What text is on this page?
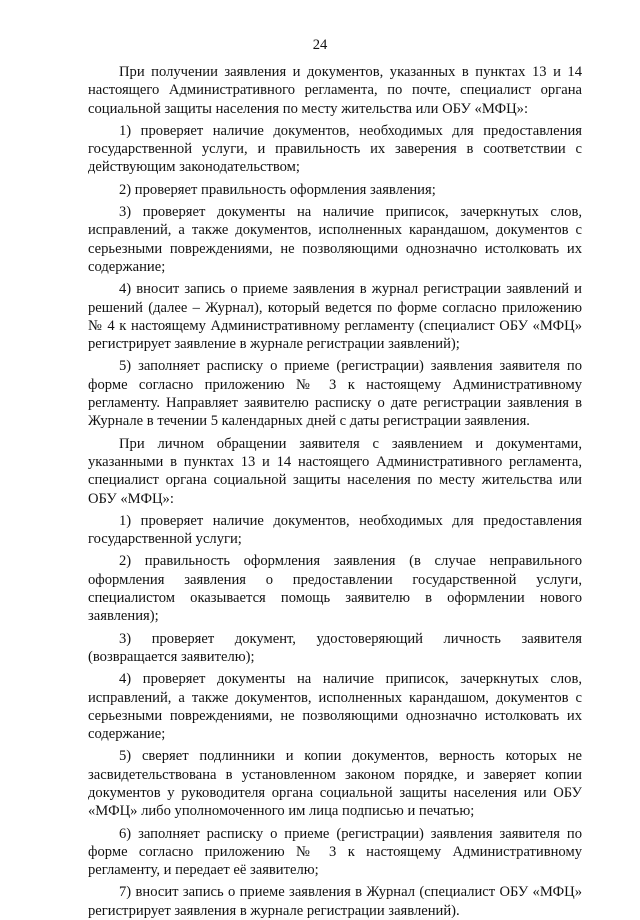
24

При получении заявления и документов, указанных в пунктах 13 и 14 настоящего Административного регламента, по почте, специалист органа социальной защиты населения по месту жительства или ОБУ «МФЦ»:

1) проверяет наличие документов, необходимых для предоставления государственной услуги, и правильность их заверения в соответствии с действующим законодательством;

2) проверяет правильность оформления заявления;

3) проверяет документы на наличие приписок, зачеркнутых слов, исправлений, а также документов, исполненных карандашом, документов с серьезными повреждениями, не позволяющими однозначно истолковать их содержание;

4) вносит запись о приеме заявления в журнал регистрации заявлений и решений (далее – Журнал), который ведется по форме согласно приложению № 4 к настоящему Административному регламенту (специалист ОБУ «МФЦ» регистрирует заявление в журнале регистрации заявлений);

5) заполняет расписку о приеме (регистрации) заявления заявителя по форме согласно приложению № 3 к настоящему Административному регламенту. Направляет заявителю расписку о дате регистрации заявления в Журнале в течении 5 календарных дней с даты регистрации заявления.

При личном обращении заявителя с заявлением и документами, указанными в пунктах 13 и 14 настоящего Административного регламента, специалист органа социальной защиты населения по месту жительства или ОБУ «МФЦ»:

1) проверяет наличие документов, необходимых для предоставления государственной услуги;

2) правильность оформления заявления (в случае неправильного оформления заявления о предоставлении государственной услуги, специалистом оказывается помощь заявителю в оформлении нового заявления);

3) проверяет документ, удостоверяющий личность заявителя (возвращается заявителю);

4) проверяет документы на наличие приписок, зачеркнутых слов, исправлений, а также документов, исполненных карандашом, документов с серьезными повреждениями, не позволяющими однозначно истолковать их содержание;

5) сверяет подлинники и копии документов, верность которых не засвидетельствована в установленном законом порядке, и заверяет копии документов у руководителя органа социальной защиты населения или ОБУ «МФЦ» либо уполномоченного им лица подписью и печатью;

6) заполняет расписку о приеме (регистрации) заявления заявителя по форме согласно приложению № 3 к настоящему Административному регламенту, и передает её заявителю;

7) вносит запись о приеме заявления в Журнал (специалист ОБУ «МФЦ» регистрирует заявления в журнале регистрации заявлений).
